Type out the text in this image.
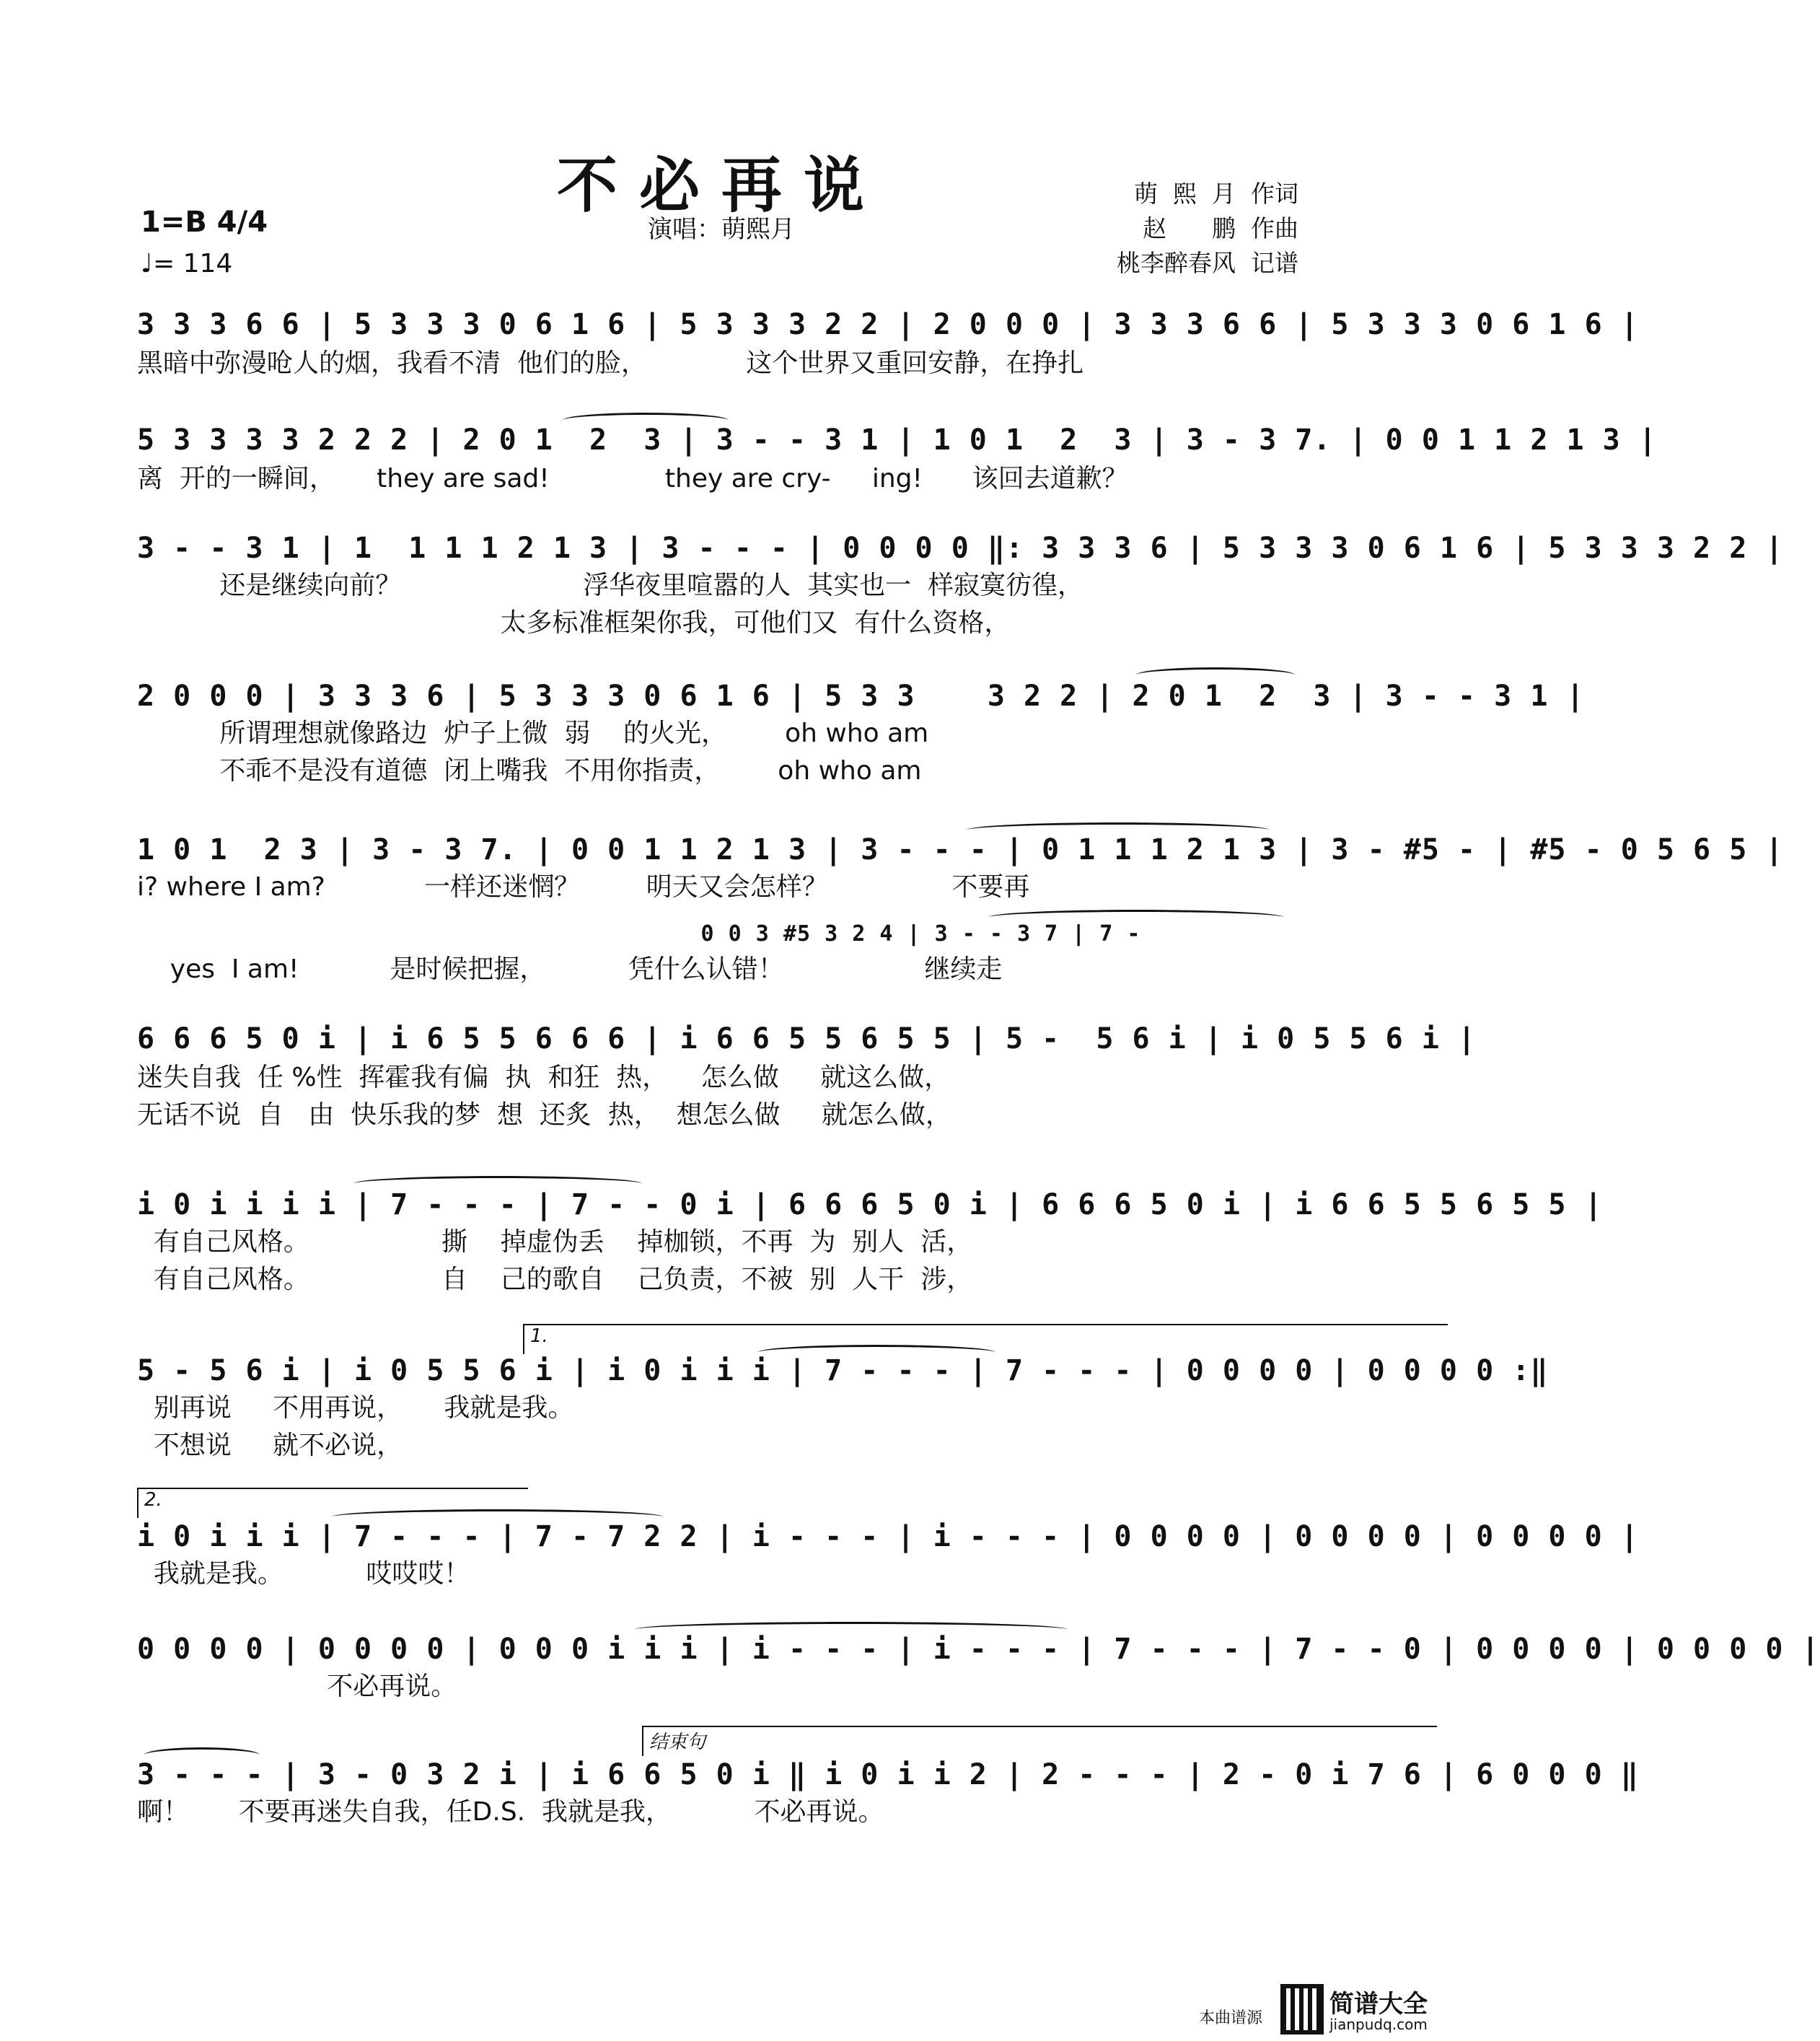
不必再说
演唱：萌熙月
萌  熙  月  作词
赵      鹏  作曲
桃李醉春风  记谱
1=B 4/4
♩= 114
3 3 3 6 6 | 5 3 3 3 0 6 1 6 | 5 3 3 3 2 2 | 2 0 0 0 | 3 3 3 6 6 | 5 3 3 3 0 6 1 6 |
黑暗中弥漫呛人的烟，我看不清  他们的脸，            这个世界又重回安静，在挣扎
5 3 3 3 3 2 2 2 | 2 0 1  2  3 | 3 - - 3 1 | 1 0 1  2  3 | 3 - 3 7. | 0 0 1 1 2 1 3 |
离  开的一瞬间，     they are sad!              they are cry-     ing!      该回去道歉？
3 - - 3 1 | 1  1 1 1 2 1 3 | 3 - - - | 0 0 0 0 ‖: 3 3 3 6 | 5 3 3 3 0 6 1 6 | 5 3 3 3 2 2 |
还是继续向前？                      浮华夜里喧嚣的人  其实也一  样寂寞彷徨，
太多标准框架你我，可他们又  有什么资格，
2 0 0 0 | 3 3 3 6 | 5 3 3 3 0 6 1 6 | 5 3 3    3 2 2 | 2 0 1  2  3 | 3 - - 3 1 |
所谓理想就像路边  炉子上微  弱    的火光，       oh who am
不乖不是没有道德  闭上嘴我  不用你指责，       oh who am
1 0 1  2 3 | 3 - 3 7. | 0 0 1 1 2 1 3 | 3 - - - | 0 1 1 1 2 1 3 | 3 - #5 - | #5 - 0 5 6 5 |
i? where I am?            一样还迷惘？        明天又会怎样？               不要再
0 0 3 #5 3 2 4 | 3 - - 3 7 | 7 -
yes  I am!           是时候把握，          凭什么认错！                 继续走
6 6 6 5 0 i | i 6 5 5 6 6 6 | i 6 6 5 5 6 5 5 | 5 -  5 6 i | i 0 5 5 6 i |
迷失自我  任 %性  挥霍我有偏  执  和狂  热，    怎么做     就这么做，
无话不说  自   由  快乐我的梦  想  还炙  热，  想怎么做     就怎么做，
i 0 i i i i | 7 - - - | 7 - - 0 i | 6 6 6 5 0 i | 6 6 6 5 0 i | i 6 6 5 5 6 5 5 |
有自己风格。                撕    掉虚伪丢    掉枷锁，不再  为  别人  活，
有自己风格。                自    己的歌自    己负责，不被  别  人干  涉，
1.
5 - 5 6 i | i 0 5 5 6 i | i 0 i i i | 7 - - - | 7 - - - | 0 0 0 0 | 0 0 0 0 :‖
别再说     不用再说，     我就是我。
不想说     就不必说，
2.
i 0 i i i | 7 - - - | 7 - 7 2 2 | i - - - | i - - - | 0 0 0 0 | 0 0 0 0 | 0 0 0 0 |
我就是我。          哎哎哎！
0 0 0 0 | 0 0 0 0 | 0 0 0 i i i | i - - - | i - - - | 7 - - - | 7 - - 0 | 0 0 0 0 | 0 0 0 0 |
不必再说。
结束句
3 - - - | 3 - 0 3 2 i | i 6 6 5 0 i ‖ i 0 i i 2 | 2 - - - | 2 - 0 i 7 6 | 6 0 0 0 ‖
啊！      不要再迷失自我，任D.S.  我就是我，          不必再说。
本曲谱源	简谱大全
jianpudq.com
